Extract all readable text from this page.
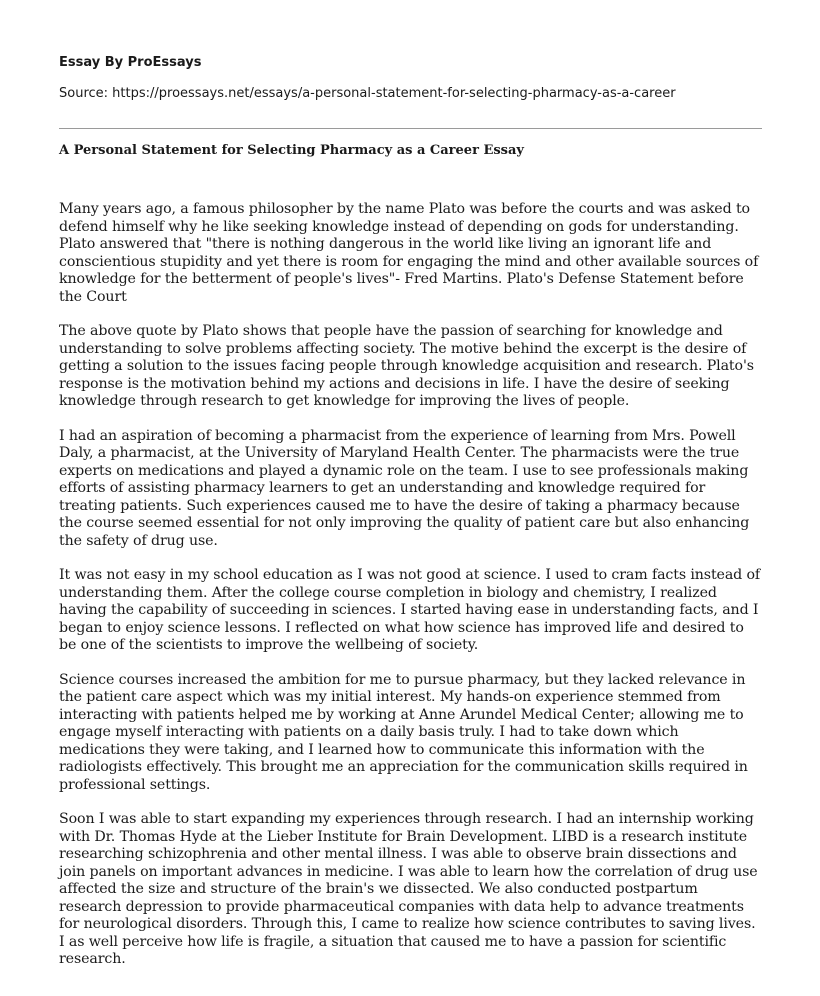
Essay By ProEssays
Source: https://proessays.net/essays/a-personal-statement-for-selecting-pharmacy-as-a-career
A Personal Statement for Selecting Pharmacy as a Career Essay

Many years ago, a famous philosopher by the name Plato was before the courts and was asked to defend himself why he like seeking knowledge instead of depending on gods for understanding. Plato answered that "there is nothing dangerous in the world like living an ignorant life and conscientious stupidity and yet there is room for engaging the mind and other available sources of knowledge for the betterment of people's lives"- Fred Martins. Plato's Defense Statement before the Court

The above quote by Plato shows that people have the passion of searching for knowledge and understanding to solve problems affecting society. The motive behind the excerpt is the desire of getting a solution to the issues facing people through knowledge acquisition and research. Plato's response is the motivation behind my actions and decisions in life. I have the desire of seeking knowledge through research to get knowledge for improving the lives of people.

I had an aspiration of becoming a pharmacist from the experience of learning from Mrs. Powell Daly, a pharmacist, at the University of Maryland Health Center. The pharmacists were the true experts on medications and played a dynamic role on the team. I use to see professionals making efforts of assisting pharmacy learners to get an understanding and knowledge required for treating patients. Such experiences caused me to have the desire of taking a pharmacy because the course seemed essential for not only improving the quality of patient care but also enhancing the safety of drug use.

It was not easy in my school education as I was not good at science. I used to cram facts instead of understanding them. After the college course completion in biology and chemistry, I realized having the capability of succeeding in sciences. I started having ease in understanding facts, and I began to enjoy science lessons. I reflected on what how science has improved life and desired to be one of the scientists to improve the wellbeing of society.

Science courses increased the ambition for me to pursue pharmacy, but they lacked relevance in the patient care aspect which was my initial interest. My hands-on experience stemmed from interacting with patients helped me by working at Anne Arundel Medical Center; allowing me to engage myself interacting with patients on a daily basis truly. I had to take down which medications they were taking, and I learned how to communicate this information with the radiologists effectively. This brought me an appreciation for the communication skills required in professional settings.

Soon I was able to start expanding my experiences through research. I had an internship working with Dr. Thomas Hyde at the Lieber Institute for Brain Development. LIBD is a research institute researching schizophrenia and other mental illness. I was able to observe brain dissections and join panels on important advances in medicine. I was able to learn how the correlation of drug use affected the size and structure of the brain's we dissected. We also conducted postpartum research depression to provide pharmaceutical companies with data help to advance treatments for neurological disorders. Through this, I came to realize how science contributes to saving lives. I as well perceive how life is fragile, a situation that caused me to have a passion for scientific research.
